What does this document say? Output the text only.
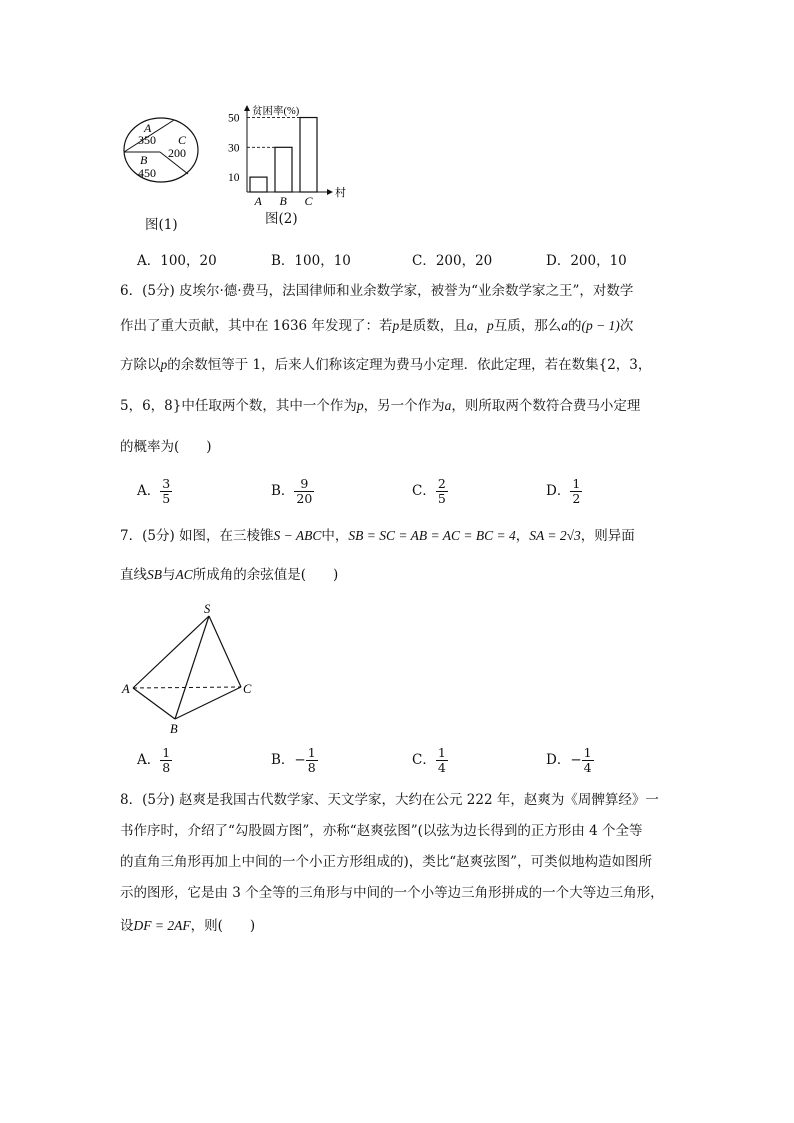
A
350 C
200
B
450
图(1)
贫困率(%)
村
10
30
50
A B C
图(2)
A．100，20	B．100，10	C．200，20	D．200，10
6．(5分) 皮埃尔·德·费马，法国律师和业余数学家，被誉为“业余数学家之王”，对数学
作出了重大贡献，其中在 1636 年发现了：若p是质数，且a，p互质，那么a的(p − 1)次
方除以p的余数恒等于 1，后来人们称该定理为费马小定理．依此定理，若在数集{2，3，
5，6，8}中任取两个数，其中一个作为p，另一个作为a，则所取两个数符合费马小定理
的概率为(　　)
A． $\frac{3}{5}$	B． $\frac{9}{20}$	C． $\frac{2}{5}$	D． $\frac{1}{2}$
7．(5分) 如图，在三棱锥S − ABC中，SB = SC = AB = AC = BC = 4，SA = 2√3，则异面
直线SB与AC所成角的余弦值是(　　)
S
A
B
C
A． $\frac{1}{8}$	B．− $\frac{1}{8}$	C． $\frac{1}{4}$	D．− $\frac{1}{4}$
8．(5分) 赵爽是我国古代数学家、天文学家，大约在公元 222 年，赵爽为《周髀算经》一
书作序时，介绍了“勾股圆方图”，亦称“赵爽弦图”(以弦为边长得到的正方形由 4 个全等
的直角三角形再加上中间的一个小正方形组成的)，类比“赵爽弦图”，可类似地构造如图所
示的图形，它是由 3 个全等的三角形与中间的一个小等边三角形拼成的一个大等边三角形，
设DF = 2AF，则(　　)
